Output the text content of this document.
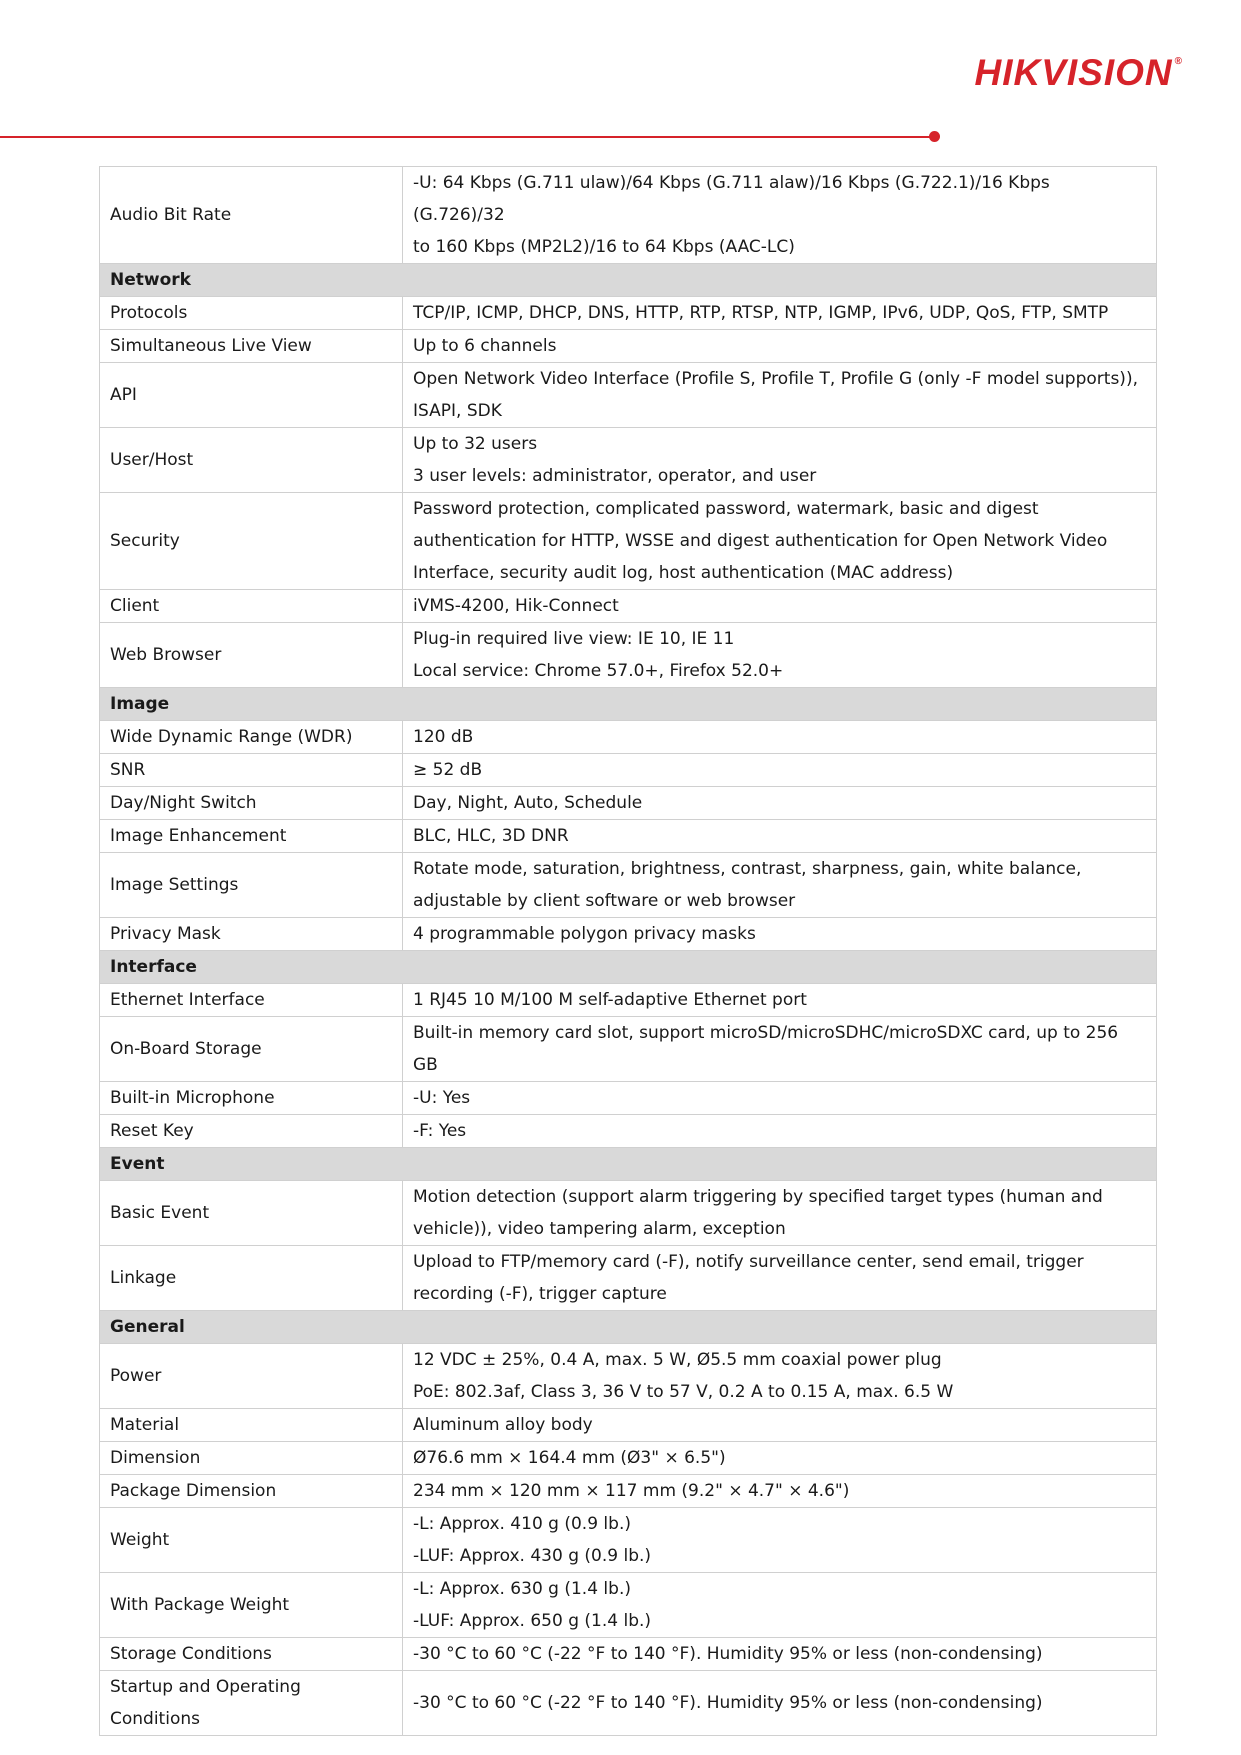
HIKVISION ®
Audio Bit Rate	-U: 64 Kbps (G.711 ulaw)/64 Kbps (G.711 alaw)/16 Kbps (G.722.1)/16 Kbps (G.726)/32
to 160 Kbps (MP2L2)/16 to 64 Kbps (AAC-LC)

Network	
Protocols	TCP/IP, ICMP, DHCP, DNS, HTTP, RTP, RTSP, NTP, IGMP, IPv6, UDP, QoS, FTP, SMTP

Simultaneous Live View	Up to 6 channels

API	Open Network Video Interface (Profile S, Profile T, Profile G (only -F model supports)),
ISAPI, SDK

User/Host	Up to 32 users
3 user levels: administrator, operator, and user

Security	Password protection, complicated password, watermark, basic and digest
authentication for HTTP, WSSE and digest authentication for Open Network Video
Interface, security audit log, host authentication (MAC address)

Client	iVMS-4200, Hik-Connect

Web Browser	Plug-in required live view: IE 10, IE 11
Local service: Chrome 57.0+, Firefox 52.0+

Image	
Wide Dynamic Range (WDR)	120 dB

SNR	≥ 52 dB

Day/Night Switch	Day, Night, Auto, Schedule

Image Enhancement	BLC, HLC, 3D DNR

Image Settings	Rotate mode, saturation, brightness, contrast, sharpness, gain, white balance,
adjustable by client software or web browser

Privacy Mask	4 programmable polygon privacy masks

Interface	
Ethernet Interface	1 RJ45 10 M/100 M self-adaptive Ethernet port

On-Board Storage	Built-in memory card slot, support microSD/microSDHC/microSDXC card, up to 256 GB

Built-in Microphone	-U: Yes

Reset Key	-F: Yes

Event	
Basic Event	Motion detection (support alarm triggering by specified target types (human and
vehicle)), video tampering alarm, exception

Linkage	Upload to FTP/memory card (-F), notify surveillance center, send email, trigger
recording (-F), trigger capture

General	
Power	12 VDC ± 25%, 0.4 A, max. 5 W, Ø5.5 mm coaxial power plug
PoE: 802.3af, Class 3, 36 V to 57 V, 0.2 A to 0.15 A, max. 6.5 W

Material	Aluminum alloy body

Dimension	Ø76.6 mm × 164.4 mm (Ø3" × 6.5")

Package Dimension	234 mm × 120 mm × 117 mm (9.2" × 4.7" × 4.6")

Weight	-L: Approx. 410 g (0.9 lb.)
-LUF: Approx. 430 g (0.9 lb.)

With Package Weight	-L: Approx. 630 g (1.4 lb.)
-LUF: Approx. 650 g (1.4 lb.)

Storage Conditions	-30 °C to 60 °C (-22 °F to 140 °F). Humidity 95% or less (non-condensing)

Startup and Operating Conditions	-30 °C to 60 °C (-22 °F to 140 °F). Humidity 95% or less (non-condensing)
